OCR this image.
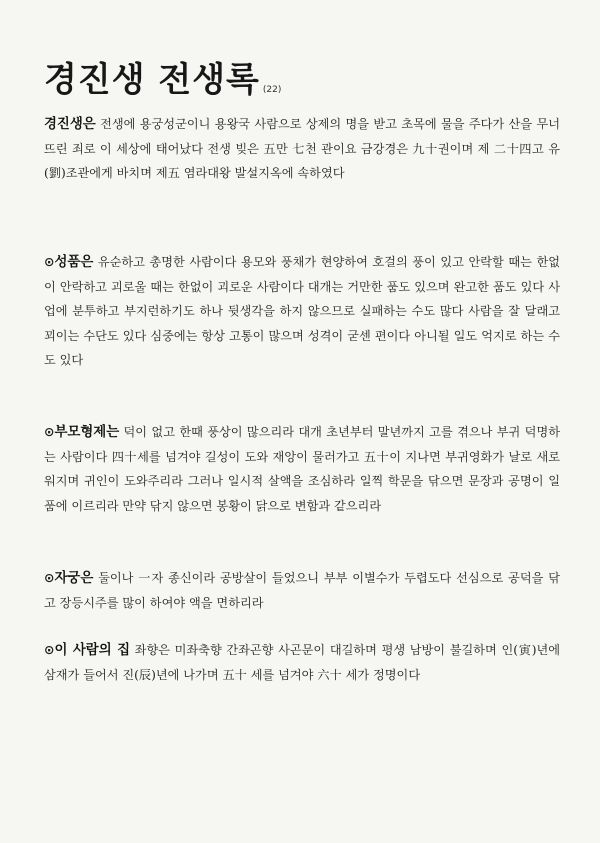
경진생 전생록 (22)

경진생은 전생에 용궁성군이니 용왕국 사람으로 상제의 명을 받고 초목에 물을 주다가 산을 무너뜨린 죄로 이 세상에 태어났다 전생 빚은 五만 七천 관이요 금강경은 九十권이며 제 二十四고 유(劉)조관에게 바치며 제五 염라대왕 발설지옥에 속하였다

⊙성품은 유순하고 총명한 사람이다 용모와 풍채가 현양하여 호걸의 풍이 있고 안락할 때는 한없이 안락하고 괴로울 때는 한없이 괴로운 사람이다 대개는 거만한 품도 있으며 완고한 품도 있다 사업에 분투하고 부지런하기도 하나 뒷생각을 하지 않으므로 실패하는 수도 많다 사람을 잘 달래고 꾀이는 수단도 있다 심중에는 항상 고통이 많으며 성격이 굳센 편이다 아니될 일도 억지로 하는 수도 있다

⊙부모형제는 덕이 없고 한때 풍상이 많으리라 대개 초년부터 말년까지 고를 겪으나 부귀 덕명하는 사람이다 四十세를 넘겨야 길성이 도와 재앙이 물러가고 五十이 지나면 부귀영화가 날로 새로워지며 귀인이 도와주리라 그러나 일시적 살액을 조심하라 일찍 학문을 닦으면 문장과 공명이 일품에 이르리라 만약 닦지 않으면 봉황이 닭으로 변함과 같으리라

⊙자궁은 둘이나 一자 종신이라 공방살이 들었으니 부부 이별수가 두렵도다 선심으로 공덕을 닦고 장등시주를 많이 하여야 액을 면하리라

⊙이 사람의 집 좌향은 미좌축향 간좌곤향 사곤문이 대길하며 평생 남방이 불길하며 인(寅)년에 삼재가 들어서 진(辰)년에 나가며 五十 세를 넘겨야 六十 세가 정명이다
